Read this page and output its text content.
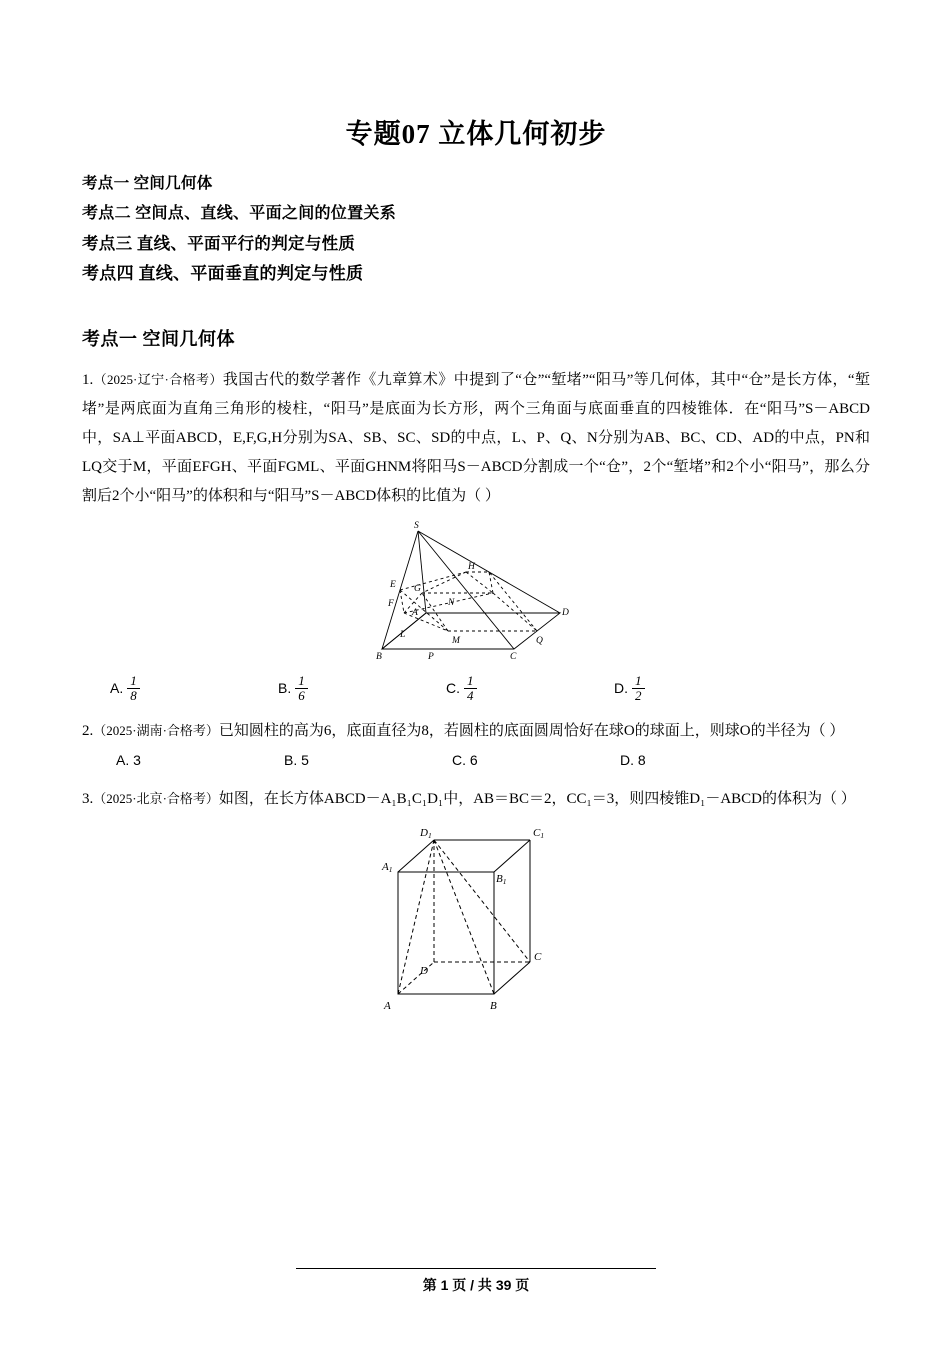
专题07 立体几何初步
考点一 空间几何体
考点二 空间点、直线、平面之间的位置关系
考点三 直线、平面平行的判定与性质
考点四 直线、平面垂直的判定与性质
考点一 空间几何体
1.（2025·辽宁·合格考）我国古代的数学著作《九章算术》中提到了“仓”“堑堵”“阳马”等几何体，其中“仓”是长方体，“堑堵”是两底面为直角三角形的棱柱，“阳马”是底面为长方形，两个三角面与底面垂直的四棱锥体．在“阳马”S－ABCD中，SA⊥平面ABCD，E,F,G,H分别为SA、SB、SC、SD的中点，L、P、Q、N分别为AB、BC、CD、AD的中点，PN和LQ交于M，平面EFGH、平面FGML、平面GHNM将阳马S－ABCD分割成一个“仓”，2个“堑堵”和2个小“阳马”，那么分割后2个小“阳马”的体积和与“阳马”S－ABCD体积的比值为（ ）
S
E
H
F
G
A
N
D
L
M	Q
B	P	C
A. $\frac{1}{8}$	B. $\frac{1}{6}$	C. $\frac{1}{4}$	D. $\frac{1}{2}$
2.（2025·湖南·合格考）已知圆柱的高为6，底面直径为8，若圆柱的底面圆周恰好在球O的球面上，则球O的半径为（ ）
A. 3	B. 5	C. 6	D. 8
3.（2025·北京·合格考）如图，在长方体ABCD－A₁B₁C₁D₁中，AB＝BC＝2，CC₁＝3，则四棱锥D₁－ABCD的体积为（ ）
D1	C1
A1
B1
D
C
A	B
第 1 页 / 共 39 页
